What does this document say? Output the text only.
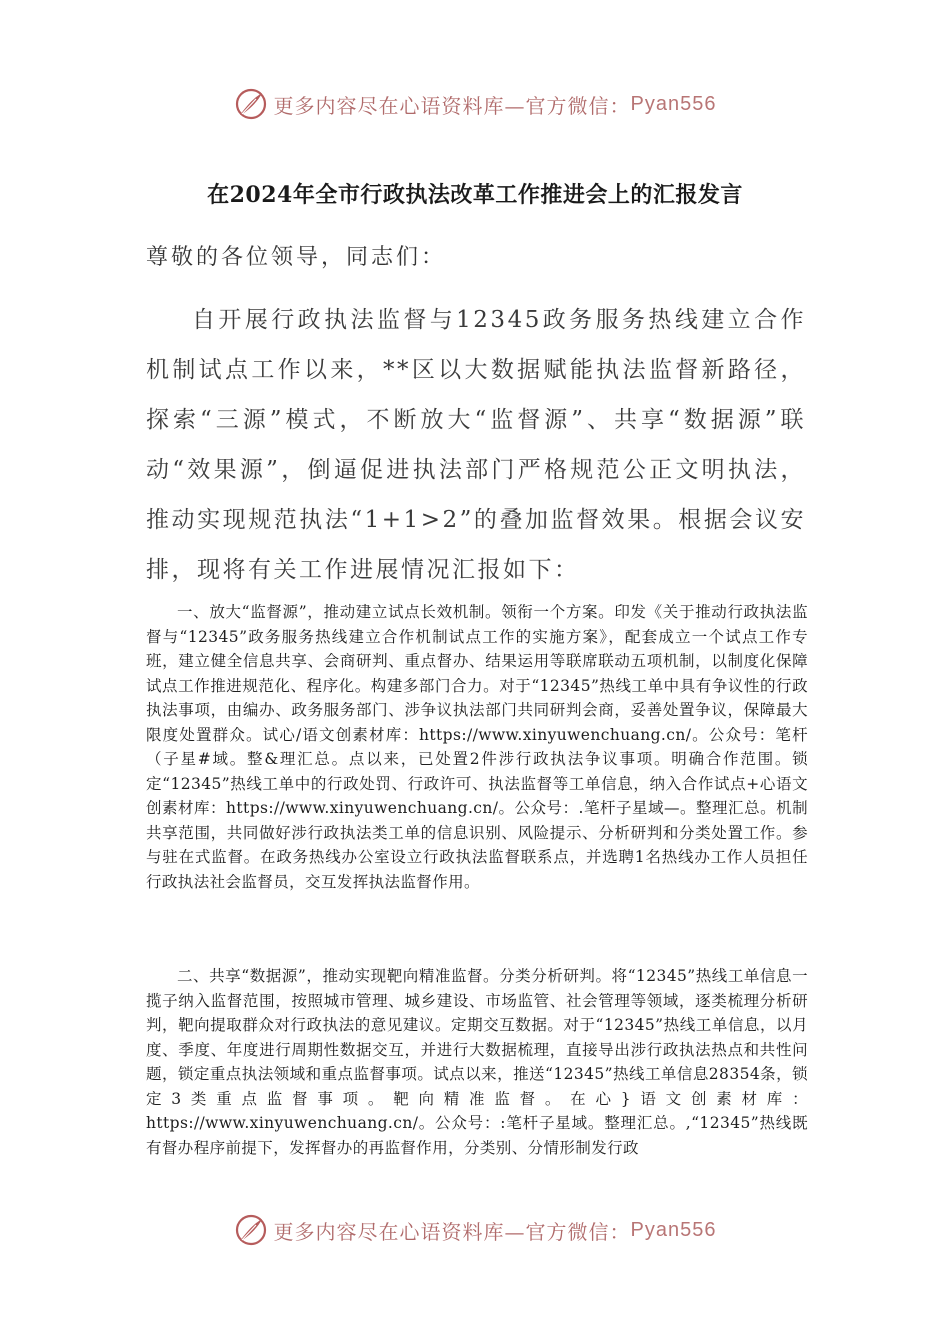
更多内容尽在心语资料库—官方微信： Pyan556
在2024年全市行政执法改革工作推进会上的汇报发言
尊敬的各位领导，同志们：

自开展行政执法监督与12345政务服务热线建立合作机制试点工作以来，**区以大数据赋能执法监督新路径，探索“三源”模式，不断放大“监督源”、共享“数据源”联动“效果源”，倒逼促进执法部门严格规范公正文明执法，推动实现规范执法“1+1>2”的叠加监督效果。根据会议安排，现将有关工作进展情况汇报如下：

一、放大“监督源”，推动建立试点长效机制。领衔一个方案。印发《关于推动行政执法监督与“12345”政务服务热线建立合作机制试点工作的实施方案》，配套成立一个试点工作专班，建立健全信息共享、会商研判、重点督办、结果运用等联席联动五项机制，以制度化保障试点工作推进规范化、程序化。构建多部门合力。对于“12345”热线工单中具有争议性的行政执法事项，由编办、政务服务部门、涉争议执法部门共同研判会商，妥善处置争议，保障最大限度处置群众。试心/语文创素材库：https://www.xinyuwenchuang.cn/。公众号：笔杆（子星#域。整&理汇总。点以来，已处置2件涉行政执法争议事项。明确合作范围。锁定“12345”热线工单中的行政处罚、行政许可、执法监督等工单信息，纳入合作试点+心语文创素材库：https://www.xinyuwenchuang.cn/。公众号：.笔杆子星域—。整理汇总。机制共享范围，共同做好涉行政执法类工单的信息识别、风险提示、分析研判和分类处置工作。参与驻在式监督。在政务热线办公室设立行政执法监督联系点，并选聘1名热线办工作人员担任行政执法社会监督员，交互发挥执法监督作用。

二、共享“数据源”，推动实现靶向精准监督。分类分析研判。将“12345”热线工单信息一揽子纳入监督范围，按照城市管理、城乡建设、市场监管、社会管理等领域，逐类梳理分析研判，靶向提取群众对行政执法的意见建议。定期交互数据。对于“12345”热线工单信息，以月度、季度、年度进行周期性数据交互，并进行大数据梳理，直接导出涉行政执法热点和共性问题，锁定重点执法领域和重点监督事项。试点以来，推送“12345”热线工单信息28354条，锁定3类重点监督事项。靶向精准监督。在心}语文创素材库：https://www.xinyuwenchuang.cn/。公众号：:笔杆子星域。整理汇总。,“12345”热线既有督办程序前提下，发挥督办的再监督作用，分类别、分情形制发行政

更多内容尽在心语资料库—官方微信： Pyan556
